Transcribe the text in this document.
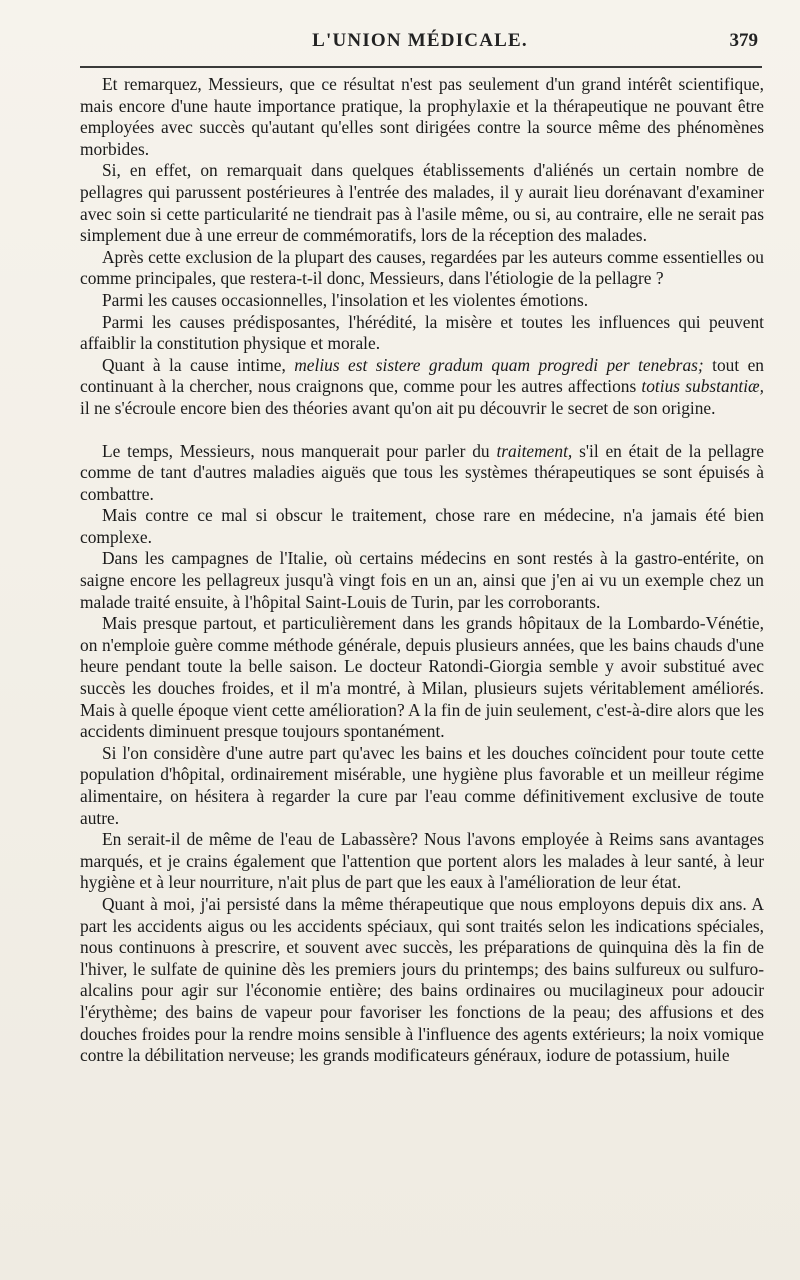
L'UNION MÉDICALE.	379

Et remarquez, Messieurs, que ce résultat n'est pas seulement d'un grand intérêt scientifique, mais encore d'une haute importance pratique, la prophylaxie et la thérapeutique ne pouvant être employées avec succès qu'autant qu'elles sont dirigées contre la source même des phénomènes morbides.

Si, en effet, on remarquait dans quelques établissements d'aliénés un certain nombre de pellagres qui parussent postérieures à l'entrée des malades, il y aurait lieu dorénavant d'examiner avec soin si cette particularité ne tiendrait pas à l'asile même, ou si, au contraire, elle ne serait pas simplement due à une erreur de commémoratifs, lors de la réception des malades.

Après cette exclusion de la plupart des causes, regardées par les auteurs comme essentielles ou comme principales, que restera-t-il donc, Messieurs, dans l'étiologie de la pellagre ?

Parmi les causes occasionnelles, l'insolation et les violentes émotions.

Parmi les causes prédisposantes, l'hérédité, la misère et toutes les influences qui peuvent affaiblir la constitution physique et morale.

Quant à la cause intime, melius est sistere gradum quam progredi per tenebras; tout en continuant à la chercher, nous craignons que, comme pour les autres affections totius substantiæ, il ne s'écroule encore bien des théories avant qu'on ait pu découvrir le secret de son origine.

Le temps, Messieurs, nous manquerait pour parler du traitement, s'il en était de la pellagre comme de tant d'autres maladies aiguës que tous les systèmes thérapeutiques se sont épuisés à combattre.

Mais contre ce mal si obscur le traitement, chose rare en médecine, n'a jamais été bien complexe.

Dans les campagnes de l'Italie, où certains médecins en sont restés à la gastro-entérite, on saigne encore les pellagreux jusqu'à vingt fois en un an, ainsi que j'en ai vu un exemple chez un malade traité ensuite, à l'hôpital Saint-Louis de Turin, par les corroborants.

Mais presque partout, et particulièrement dans les grands hôpitaux de la Lombardo-Vénétie, on n'emploie guère comme méthode générale, depuis plusieurs années, que les bains chauds d'une heure pendant toute la belle saison. Le docteur Ratondi-Giorgia semble y avoir substitué avec succès les douches froides, et il m'a montré, à Milan, plusieurs sujets véritablement améliorés. Mais à quelle époque vient cette amélioration? A la fin de juin seulement, c'est-à-dire alors que les accidents diminuent presque toujours spontanément.

Si l'on considère d'une autre part qu'avec les bains et les douches coïncident pour toute cette population d'hôpital, ordinairement misérable, une hygiène plus favorable et un meilleur régime alimentaire, on hésitera à regarder la cure par l'eau comme définitivement exclusive de toute autre.

En serait-il de même de l'eau de Labassère? Nous l'avons employée à Reims sans avantages marqués, et je crains également que l'attention que portent alors les malades à leur santé, à leur hygiène et à leur nourriture, n'ait plus de part que les eaux à l'amélioration de leur état.

Quant à moi, j'ai persisté dans la même thérapeutique que nous employons depuis dix ans. A part les accidents aigus ou les accidents spéciaux, qui sont traités selon les indications spéciales, nous continuons à prescrire, et souvent avec succès, les préparations de quinquina dès la fin de l'hiver, le sulfate de quinine dès les premiers jours du printemps; des bains sulfureux ou sulfuro-alcalins pour agir sur l'économie entière; des bains ordinaires ou mucilagineux pour adoucir l'érythème; des bains de vapeur pour favoriser les fonctions de la peau; des affusions et des douches froides pour la rendre moins sensible à l'influence des agents extérieurs; la noix vomique contre la débilitation nerveuse; les grands modificateurs généraux, iodure de potassium, huile
